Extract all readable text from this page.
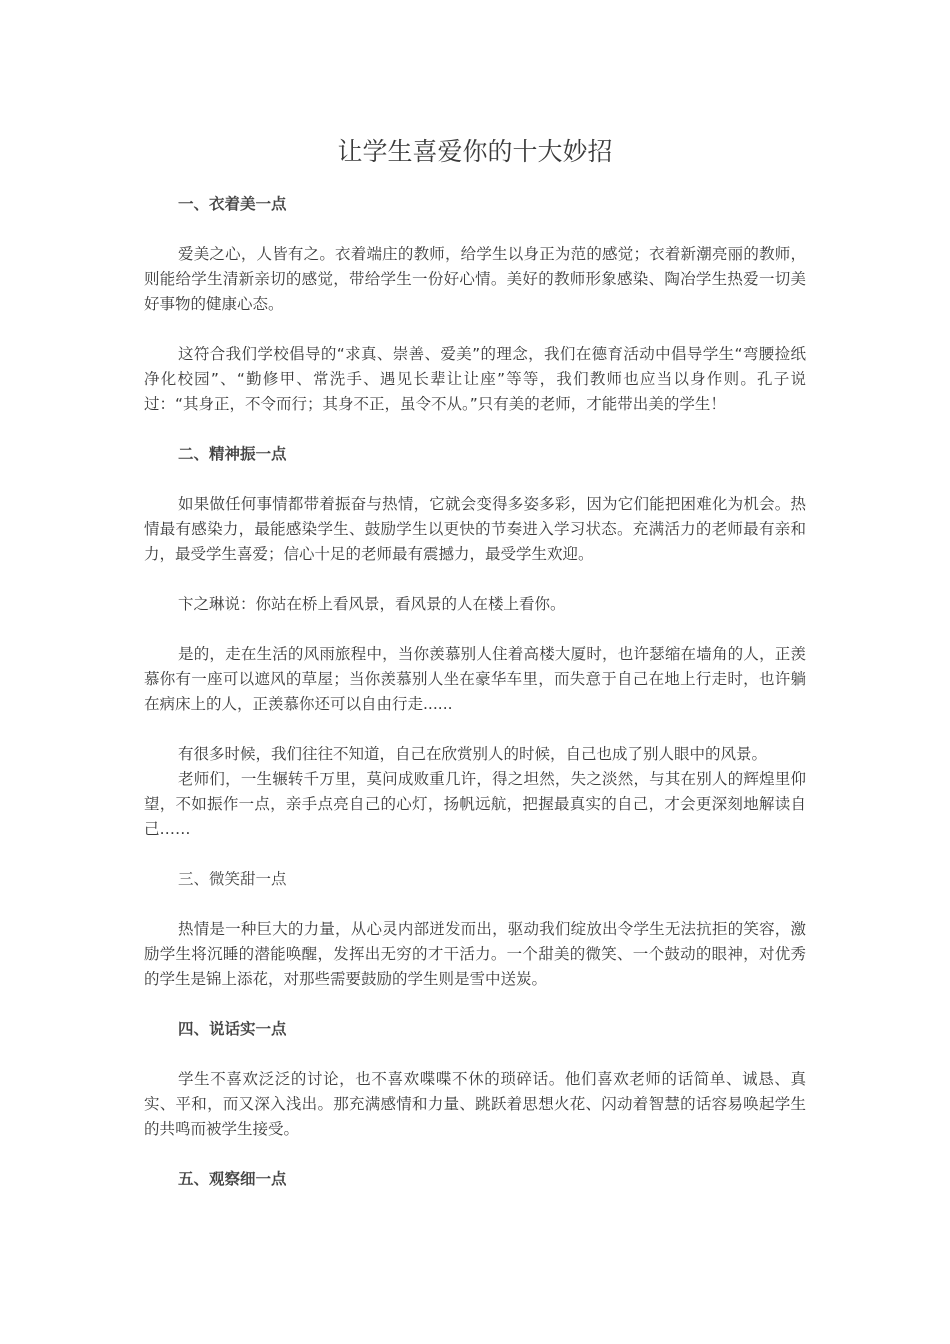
让学生喜爱你的十大妙招
一、衣着美一点

爱美之心，人皆有之。衣着端庄的教师，给学生以身正为范的感觉；衣着新潮亮丽的教师，则能给学生清新亲切的感觉，带给学生一份好心情。美好的教师形象感染、陶冶学生热爱一切美好事物的健康心态。

这符合我们学校倡导的“求真、崇善、爱美”的理念，我们在德育活动中倡导学生“弯腰捡纸　净化校园”、“勤修甲、常洗手、遇见长辈让让座”等等，我们教师也应当以身作则。孔子说过：“其身正，不令而行；其身不正，虽令不从。”只有美的老师，才能带出美的学生！

二、精神振一点

如果做任何事情都带着振奋与热情，它就会变得多姿多彩，因为它们能把困难化为机会。热情最有感染力，最能感染学生、鼓励学生以更快的节奏进入学习状态。充满活力的老师最有亲和力，最受学生喜爱；信心十足的老师最有震撼力，最受学生欢迎。

卞之琳说：你站在桥上看风景，看风景的人在楼上看你。

是的，走在生活的风雨旅程中，当你羡慕别人住着高楼大厦时，也许瑟缩在墙角的人，正羡慕你有一座可以遮风的草屋；当你羡慕别人坐在豪华车里，而失意于自己在地上行走时，也许躺在病床上的人，正羡慕你还可以自由行走......

有很多时候，我们往往不知道，自己在欣赏别人的时候，自己也成了别人眼中的风景。

老师们，一生辗转千万里，莫问成败重几许，得之坦然，失之淡然，与其在别人的辉煌里仰望，不如振作一点，亲手点亮自己的心灯，扬帆远航，把握最真实的自己，才会更深刻地解读自己……

三、微笑甜一点

热情是一种巨大的力量，从心灵内部迸发而出，驱动我们绽放出令学生无法抗拒的笑容，激励学生将沉睡的潜能唤醒，发挥出无穷的才干活力。一个甜美的微笑、一个鼓动的眼神，对优秀的学生是锦上添花，对那些需要鼓励的学生则是雪中送炭。

四、说话实一点

学生不喜欢泛泛的讨论，也不喜欢喋喋不休的琐碎话。他们喜欢老师的话简单、诚恳、真实、平和，而又深入浅出。那充满感情和力量、跳跃着思想火花、闪动着智慧的话容易唤起学生的共鸣而被学生接受。

五、观察细一点
